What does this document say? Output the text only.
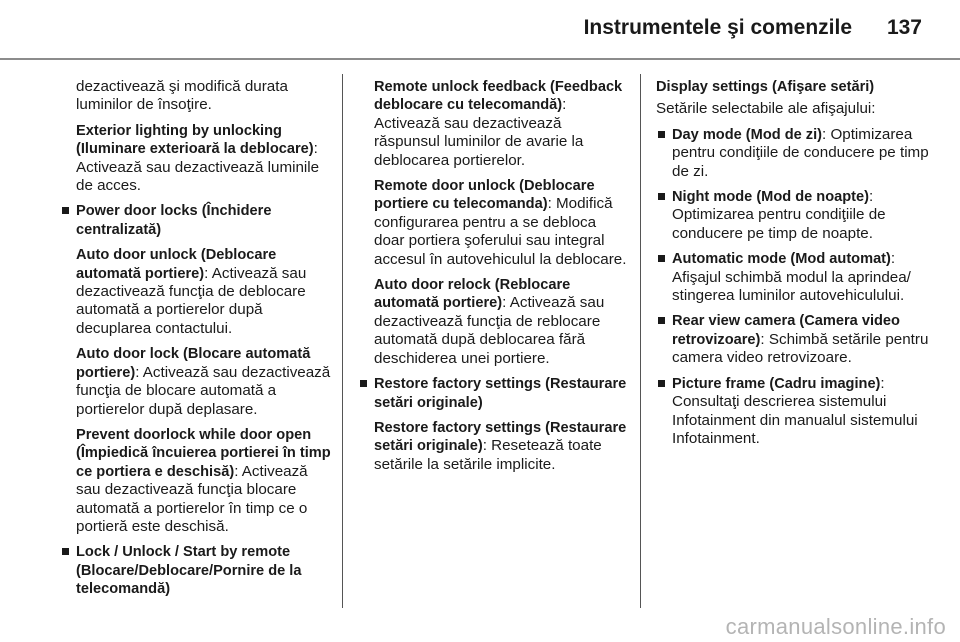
Instrumentele şi comenzile 137

dezactivează şi modifică durata luminilor de însoţire.

Exterior lighting by unlocking (Iluminare exterioară la deblocare):
Activează sau dezactivează luminile de acces.

Power door locks (Închidere centralizată)

Auto door unlock (Deblocare automată portiere): Activează sau dezactivează funcţia de deblocare automată a portierelor după decuplarea contactului.

Auto door lock (Blocare automată portiere): Activează sau dezactivează funcţia de blocare automată a portierelor după deplasare.

Prevent doorlock while door open (Împiedică încuierea portierei în timp ce portiera e deschisă): Activează sau dezactivează funcţia blocare automată a portierelor în timp ce o portieră este deschisă.

Lock / Unlock / Start by remote (Blocare/Deblocare/Pornire de la telecomandă)

Remote unlock feedback (Feedback deblocare cu telecomandă): Activează sau dezactivează răspunsul luminilor de avarie la deblocarea portierelor.

Remote door unlock (Deblocare portiere cu telecomanda): Modifică configurarea pentru a se debloca doar portiera şoferului sau integral accesul în autovehiculul la deblocare.

Auto door relock (Reblocare automată portiere): Activează sau dezactivează funcţia de reblocare automată după deblocarea fără deschiderea unei portiere.

Restore factory settings (Restaurare setări originale)

Restore factory settings (Restaurare setări originale): Resetează toate setările la setările implicite.

Display settings (Afişare setări)

Setările selectabile ale afişajului:

Day mode (Mod de zi): Optimizarea pentru condiţiile de conducere pe timp de zi.
Night mode (Mod de noapte): Optimizarea pentru condiţiile de conducere pe timp de noapte.
Automatic mode (Mod automat): Afişajul schimbă modul la aprindea/ stingerea luminilor autovehiculului.
Rear view camera (Camera video retrovizoare): Schimbă setările pentru camera video retrovizoare.
Picture frame (Cadru imagine): Consultaţi descrierea sistemului Infotainment din manualul sistemului Infotainment.
carmanualsonline.info
